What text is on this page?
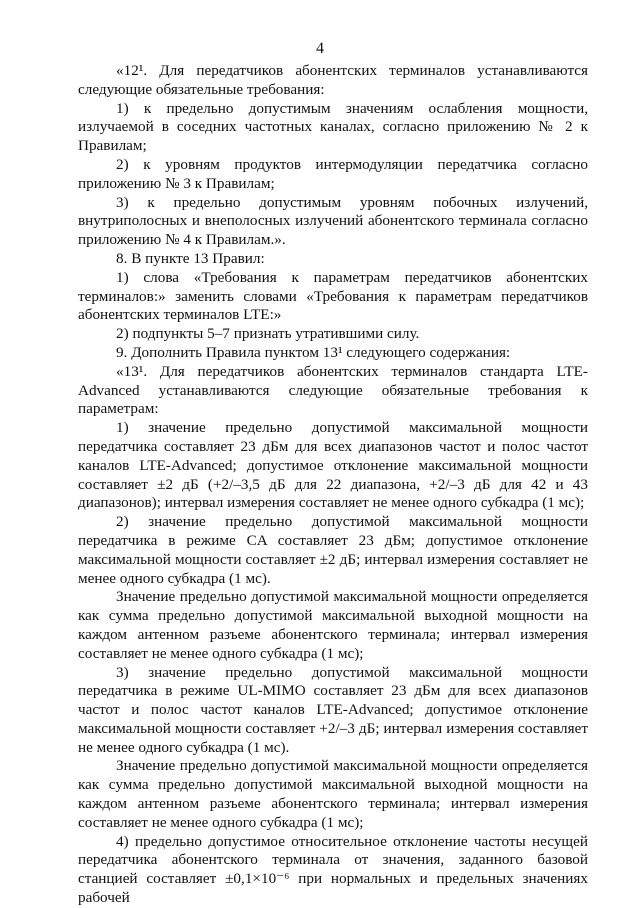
4

«12¹. Для передатчиков абонентских терминалов устанавливаются следующие обязательные требования:

1) к предельно допустимым значениям ослабления мощности, излучаемой в соседних частотных каналах, согласно приложению № 2 к Правилам;

2) к уровням продуктов интермодуляции передатчика согласно приложению № 3 к Правилам;

3) к предельно допустимым уровням побочных излучений, внутриполосных и внеполосных излучений абонентского терминала согласно приложению № 4 к Правилам.».

8. В пункте 13 Правил:

1) слова «Требования к параметрам передатчиков абонентских терминалов:» заменить словами «Требования к параметрам передатчиков абонентских терминалов LTE:»

2) подпункты 5–7 признать утратившими силу.

9. Дополнить Правила пунктом 13¹ следующего содержания:

«13¹. Для передатчиков абонентских терминалов стандарта LTE-Advanced устанавливаются следующие обязательные требования к параметрам:

1) значение предельно допустимой максимальной мощности передатчика составляет 23 дБм для всех диапазонов частот и полос частот каналов LTE-Advanced; допустимое отклонение максимальной мощности составляет ±2 дБ (+2/–3,5 дБ для 22 диапазона, +2/–3 дБ для 42 и 43 диапазонов); интервал измерения составляет не менее одного субкадра (1 мс);

2) значение предельно допустимой максимальной мощности передатчика в режиме CA составляет 23 дБм; допустимое отклонение максимальной мощности составляет ±2 дБ; интервал измерения составляет не менее одного субкадра (1 мс).

Значение предельно допустимой максимальной мощности определяется как сумма предельно допустимой максимальной выходной мощности на каждом антенном разъеме абонентского терминала; интервал измерения составляет не менее одного субкадра (1 мс);

3) значение предельно допустимой максимальной мощности передатчика в режиме UL-MIMO составляет 23 дБм для всех диапазонов частот и полос частот каналов LTE-Advanced; допустимое отклонение максимальной мощности составляет +2/–3 дБ; интервал измерения составляет не менее одного субкадра (1 мс).

Значение предельно допустимой максимальной мощности определяется как сумма предельно допустимой максимальной выходной мощности на каждом антенном разъеме абонентского терминала; интервал измерения составляет не менее одного субкадра (1 мс);

4) предельно допустимое относительное отклонение частоты несущей передатчика абонентского терминала от значения, заданного базовой станцией составляет ±0,1×10⁻⁶ при нормальных и предельных значениях рабочей
